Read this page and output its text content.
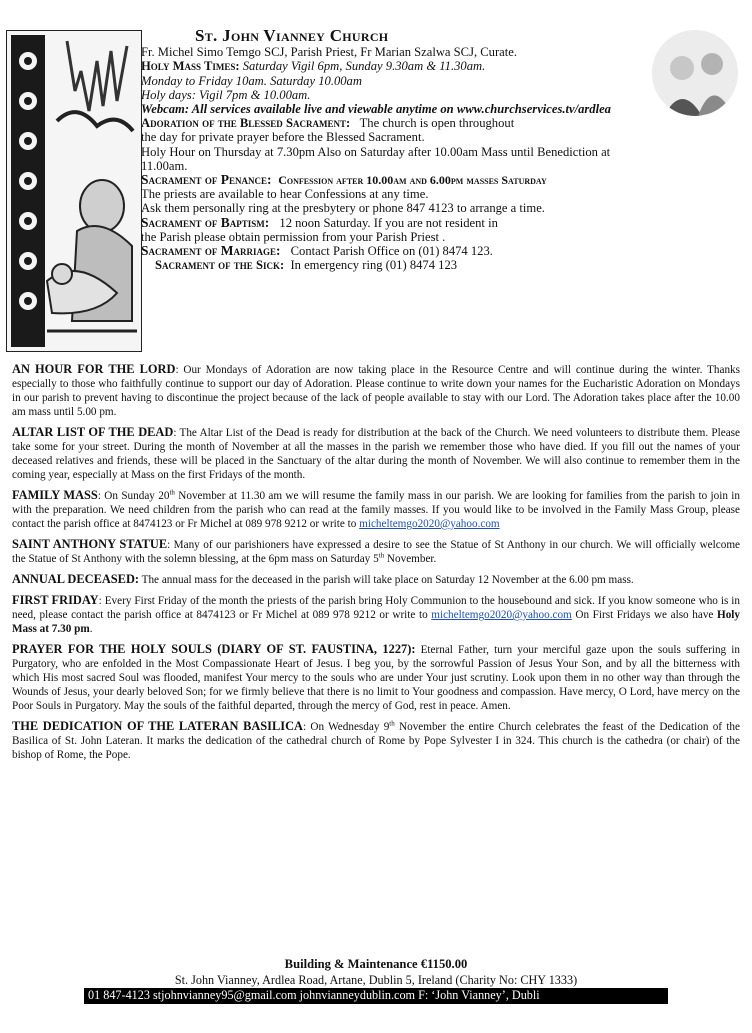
St. John Vianney Church
Fr. Michel Simo Temgo SCJ, Parish Priest, Fr Marian Szalwa SCJ, Curate.
Holy Mass Times: Saturday Vigil 6pm, Sunday 9.30am & 11.30am.
Monday to Friday 10am. Saturday 10.00am
Holy days: Vigil 7pm & 10.00am.
Webcam: All services available live and viewable anytime on www.churchservices.tv/ardlea
Adoration of the Blessed Sacrament: The church is open throughout
the day for private prayer before the Blessed Sacrament.
Holy Hour on Thursday at 7.30pm Also on Saturday after 10.00am Mass until Benediction at
11.00am.
Sacrament of Penance: Confession after 10.00am and 6.00pm masses Saturday
The priests are available to hear Confessions at any time.
Ask them personally ring at the presbytery or phone 847 4123 to arrange a time.
Sacrament of Baptism: 12 noon Saturday. If you are not resident in
the Parish please obtain permission from your Parish Priest .
Sacrament of Marriage: Contact Parish Office on (01) 8474 123.
Sacrament of the Sick: In emergency ring (01) 8474 123

AN HOUR FOR THE LORD: Our Mondays of Adoration are now taking place in the Resource Centre and will continue during the winter. Thanks especially to those who faithfully continue to support our day of Adoration. Please continue to write down your names for the Eucharistic Adoration on Mondays in our parish to prevent having to discontinue the project because of the lack of people available to stay with our Lord. The Adoration takes place after the 10.00 am mass until 5.00 pm.

ALTAR LIST OF THE DEAD: The Altar List of the Dead is ready for distribution at the back of the Church. We need volunteers to distribute them. Please take some for your street. During the month of November at all the masses in the parish we remember those who have died. If you fill out the names of your deceased relatives and friends, these will be placed in the Sanctuary of the altar during the month of November. We will also continue to remember them in the coming year, especially at Mass on the first Fridays of the month.

FAMILY MASS: On Sunday 20th November at 11.30 am we will resume the family mass in our parish. We are looking for families from the parish to join in with the preparation. We need children from the parish who can read at the family masses. If you would like to be involved in the Family Mass Group, please contact the parish office at 8474123 or Fr Michel at 089 978 9212 or write to micheltemgo2020@yahoo.com

SAINT ANTHONY STATUE: Many of our parishioners have expressed a desire to see the Statue of St Anthony in our church. We will officially welcome the Statue of St Anthony with the solemn blessing, at the 6pm mass on Saturday 5th November.

ANNUAL DECEASED: The annual mass for the deceased in the parish will take place on Saturday 12 November at the 6.00 pm mass.

FIRST FRIDAY: Every First Friday of the month the priests of the parish bring Holy Communion to the housebound and sick. If you know someone who is in need, please contact the parish office at 8474123 or Fr Michel at 089 978 9212 or write to micheltemgo2020@yahoo.com On First Fridays we also have Holy Mass at 7.30 pm.

PRAYER FOR THE HOLY SOULS (DIARY OF ST. FAUSTINA, 1227): Eternal Father, turn your merciful gaze upon the souls suffering in Purgatory, who are enfolded in the Most Compassionate Heart of Jesus. I beg you, by the sorrowful Passion of Jesus Your Son, and by all the bitterness with which His most sacred Soul was flooded, manifest Your mercy to the souls who are under Your just scrutiny. Look upon them in no other way than through the Wounds of Jesus, your dearly beloved Son; for we firmly believe that there is no limit to Your goodness and compassion. Have mercy, O Lord, have mercy on the Poor Souls in Purgatory. May the souls of the faithful departed, through the mercy of God, rest in peace. Amen.

THE DEDICATION OF THE LATERAN BASILICA: On Wednesday 9th November the entire Church celebrates the feast of the Dedication of the Basilica of St. John Lateran. It marks the dedication of the cathedral church of Rome by Pope Sylvester I in 324. This church is the cathedra (or chair) of the bishop of Rome, the Pope.

Building & Maintenance €1150.00
St. John Vianney, Ardlea Road, Artane, Dublin 5, Ireland (Charity No: CHY 1333)
01 847-4123 stjohnvianney95@gmail.com johnvianneydublin.com F: ‘John Vianney’, Dubli
